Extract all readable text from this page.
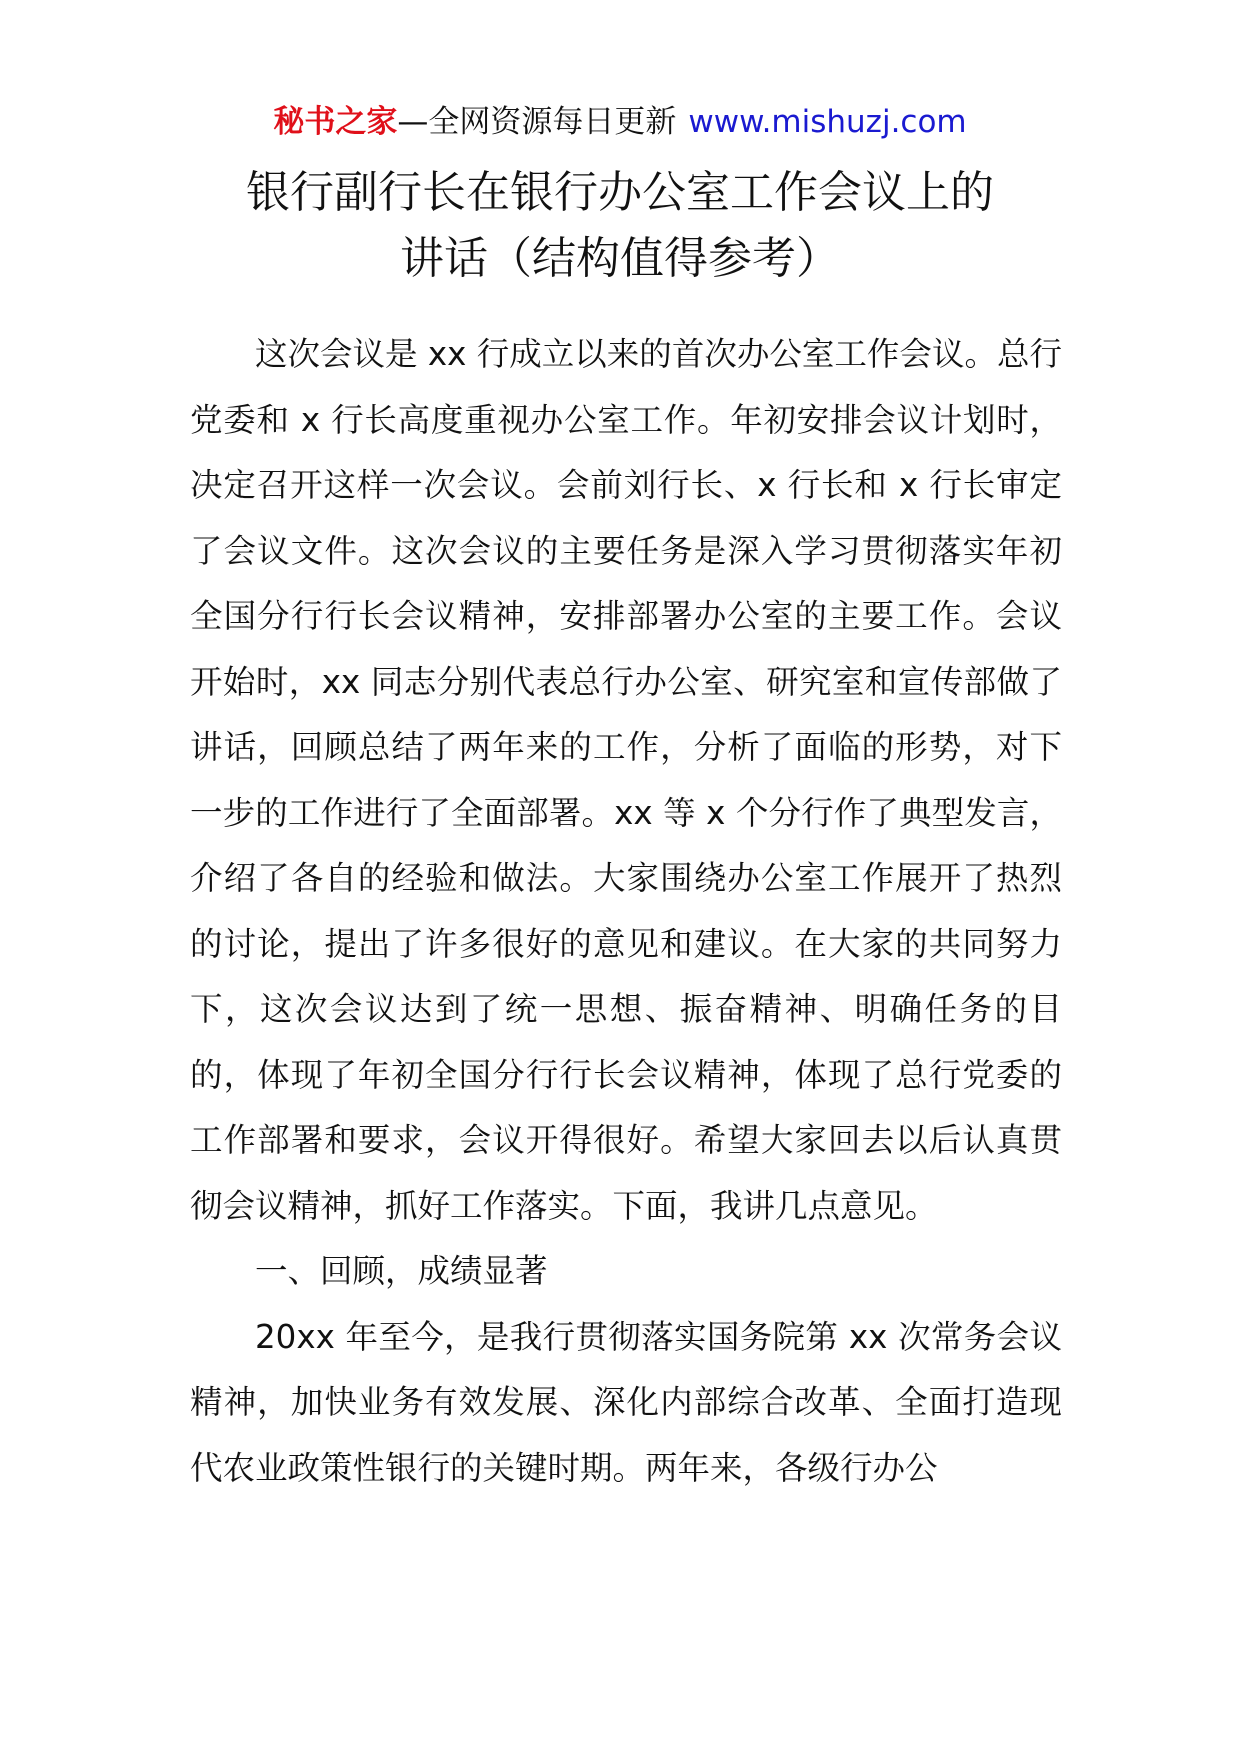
秘书之家—全网资源每日更新 www.mishuzj.com
银行副行长在银行办公室工作会议上的
讲话（结构值得参考）

这次会议是 xx 行成立以来的首次办公室工作会议。总行党委和 x 行长高度重视办公室工作。年初安排会议计划时，决定召开这样一次会议。会前刘行长、x 行长和 x 行长审定了会议文件。这次会议的主要任务是深入学习贯彻落实年初全国分行行长会议精神，安排部署办公室的主要工作。会议开始时，xx 同志分别代表总行办公室、研究室和宣传部做了讲话，回顾总结了两年来的工作，分析了面临的形势，对下一步的工作进行了全面部署。xx 等 x 个分行作了典型发言，介绍了各自的经验和做法。大家围绕办公室工作展开了热烈的讨论，提出了许多很好的意见和建议。在大家的共同努力下，这次会议达到了统一思想、振奋精神、明确任务的目的，体现了年初全国分行行长会议精神，体现了总行党委的工作部署和要求，会议开得很好。希望大家回去以后认真贯彻会议精神，抓好工作落实。下面，我讲几点意见。

一、回顾，成绩显著

20xx 年至今，是我行贯彻落实国务院第 xx 次常务会议精神，加快业务有效发展、深化内部综合改革、全面打造现代农业政策性银行的关键时期。两年来，各级行办公
